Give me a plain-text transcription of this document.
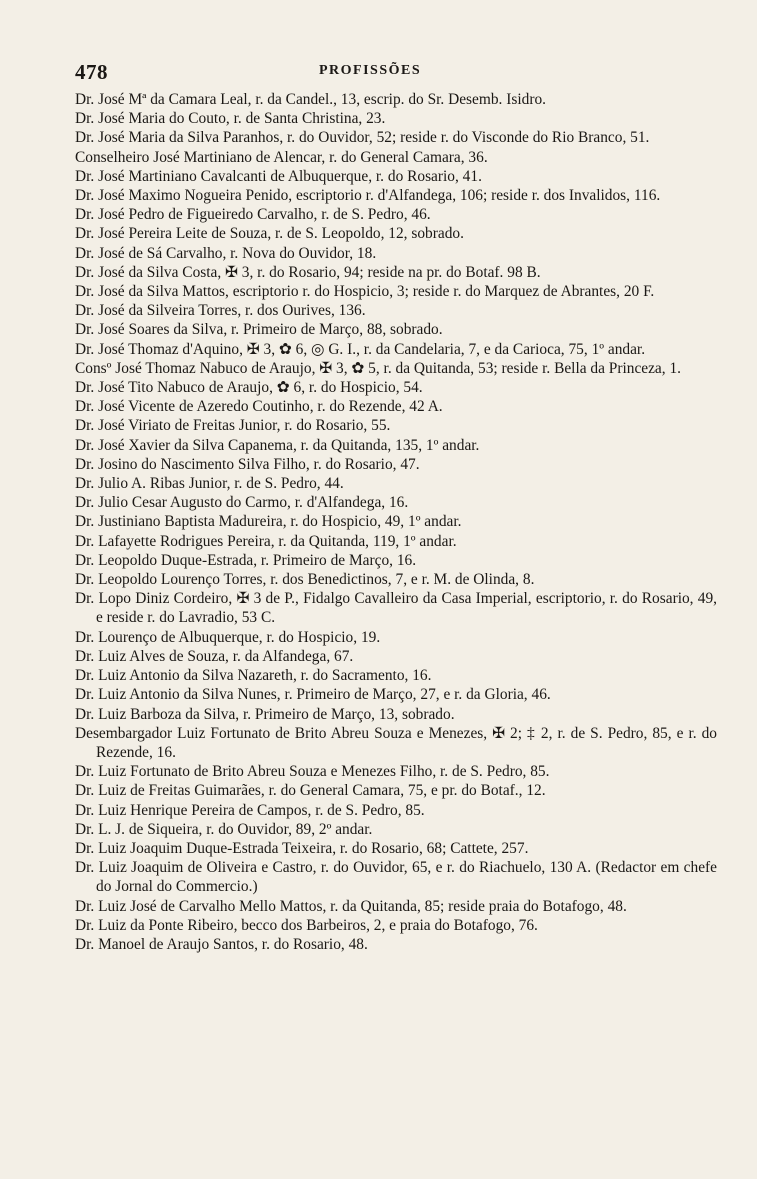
478	PROFISSÕES
Dr. José Mª da Camara Leal, r. da Candel., 13, escrip. do Sr. Desemb. Isidro.
Dr. José Maria do Couto, r. de Santa Christina, 23.
Dr. José Maria da Silva Paranhos, r. do Ouvidor, 52; reside r. do Visconde do Rio Branco, 51.
Conselheiro José Martiniano de Alencar, r. do General Camara, 36.
Dr. José Martiniano Cavalcanti de Albuquerque, r. do Rosario, 41.
Dr. José Maximo Nogueira Penido, escriptorio r. d'Alfandega, 106; reside r. dos Invalidos, 116.
Dr. José Pedro de Figueiredo Carvalho, r. de S. Pedro, 46.
Dr. José Pereira Leite de Souza, r. de S. Leopoldo, 12, sobrado.
Dr. José de Sá Carvalho, r. Nova do Ouvidor, 18.
Dr. José da Silva Costa, ✠ 3, r. do Rosario, 94; reside na pr. do Botaf. 98 B.
Dr. José da Silva Mattos, escriptorio r. do Hospicio, 3; reside r. do Marquez de Abrantes, 20 F.
Dr. José da Silveira Torres, r. dos Ourives, 136.
Dr. José Soares da Silva, r. Primeiro de Março, 88, sobrado.
Dr. José Thomaz d'Aquino, ✠ 3, ✿ 6, ◎ G. I., r. da Candelaria, 7, e da Carioca, 75, 1º andar.
Consº José Thomaz Nabuco de Araujo, ✠ 3, ✿ 5, r. da Quitanda, 53; reside r. Bella da Princeza, 1.
Dr. José Tito Nabuco de Araujo, ✿ 6, r. do Hospicio, 54.
Dr. José Vicente de Azeredo Coutinho, r. do Rezende, 42 A.
Dr. José Viriato de Freitas Junior, r. do Rosario, 55.
Dr. José Xavier da Silva Capanema, r. da Quitanda, 135, 1º andar.
Dr. Josino do Nascimento Silva Filho, r. do Rosario, 47.
Dr. Julio A. Ribas Junior, r. de S. Pedro, 44.
Dr. Julio Cesar Augusto do Carmo, r. d'Alfandega, 16.
Dr. Justiniano Baptista Madureira, r. do Hospicio, 49, 1º andar.
Dr. Lafayette Rodrigues Pereira, r. da Quitanda, 119, 1º andar.
Dr. Leopoldo Duque-Estrada, r. Primeiro de Março, 16.
Dr. Leopoldo Lourenço Torres, r. dos Benedictinos, 7, e r. M. de Olinda, 8.
Dr. Lopo Diniz Cordeiro, ✠ 3 de P., Fidalgo Cavalleiro da Casa Imperial, escriptorio, r. do Rosario, 49, e reside r. do Lavradio, 53 C.
Dr. Lourenço de Albuquerque, r. do Hospicio, 19.
Dr. Luiz Alves de Souza, r. da Alfandega, 67.
Dr. Luiz Antonio da Silva Nazareth, r. do Sacramento, 16.
Dr. Luiz Antonio da Silva Nunes, r. Primeiro de Março, 27, e r. da Gloria, 46.
Dr. Luiz Barboza da Silva, r. Primeiro de Março, 13, sobrado.
Desembargador Luiz Fortunato de Brito Abreu Souza e Menezes, ✠ 2; ‡ 2, r. de S. Pedro, 85, e r. do Rezende, 16.
Dr. Luiz Fortunato de Brito Abreu Souza e Menezes Filho, r. de S. Pedro, 85.
Dr. Luiz de Freitas Guimarães, r. do General Camara, 75, e pr. do Botaf., 12.
Dr. Luiz Henrique Pereira de Campos, r. de S. Pedro, 85.
Dr. L. J. de Siqueira, r. do Ouvidor, 89, 2º andar.
Dr. Luiz Joaquim Duque-Estrada Teixeira, r. do Rosario, 68; Cattete, 257.
Dr. Luiz Joaquim de Oliveira e Castro, r. do Ouvidor, 65, e r. do Riachuelo, 130 A. (Redactor em chefe do Jornal do Commercio.)
Dr. Luiz José de Carvalho Mello Mattos, r. da Quitanda, 85; reside praia do Botafogo, 48.
Dr. Luiz da Ponte Ribeiro, becco dos Barbeiros, 2, e praia do Botafogo, 76.
Dr. Manoel de Araujo Santos, r. do Rosario, 48.
